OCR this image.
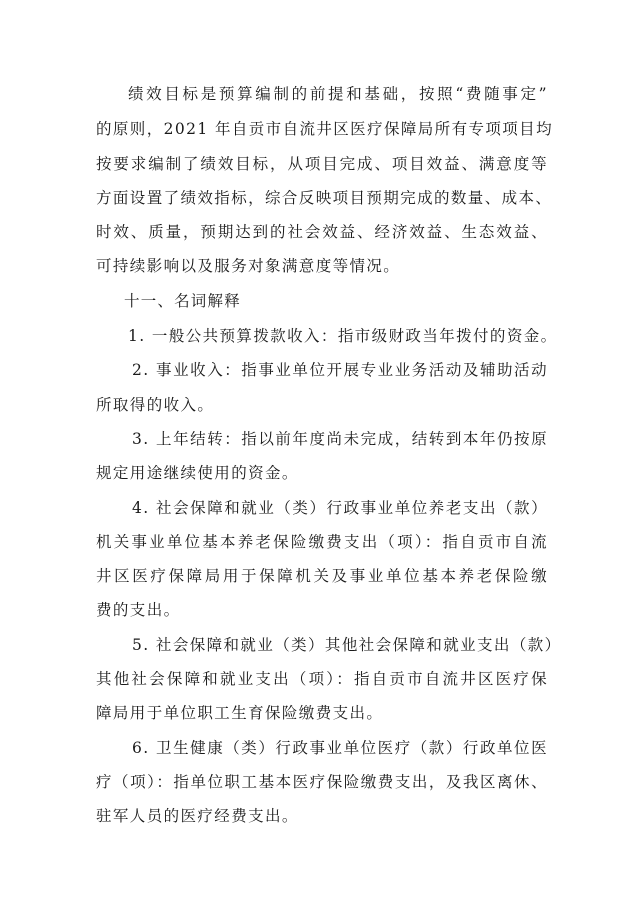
绩效目标是预算编制的前提和基础，按照“费随事定”
的原则，2021 年自贡市自流井区医疗保障局所有专项项目均
按要求编制了绩效目标，从项目完成、项目效益、满意度等
方面设置了绩效指标，综合反映项目预期完成的数量、成本、
时效、质量，预期达到的社会效益、经济效益、生态效益、
可持续影响以及服务对象满意度等情况。
十一、名词解释
1. 一般公共预算拨款收入：指市级财政当年拨付的资金。
2. 事业收入：指事业单位开展专业业务活动及辅助活动
所取得的收入。
3. 上年结转：指以前年度尚未完成，结转到本年仍按原
规定用途继续使用的资金。
4. 社会保障和就业（类）行政事业单位养老支出（款）
机关事业单位基本养老保险缴费支出（项）：指自贡市自流
井区医疗保障局用于保障机关及事业单位基本养老保险缴
费的支出。
5. 社会保障和就业（类）其他社会保障和就业支出（款）
其他社会保障和就业支出（项）：指自贡市自流井区医疗保
障局用于单位职工生育保险缴费支出。
6. 卫生健康（类）行政事业单位医疗（款）行政单位医
疗（项）：指单位职工基本医疗保险缴费支出，及我区离休、
驻军人员的医疗经费支出。
